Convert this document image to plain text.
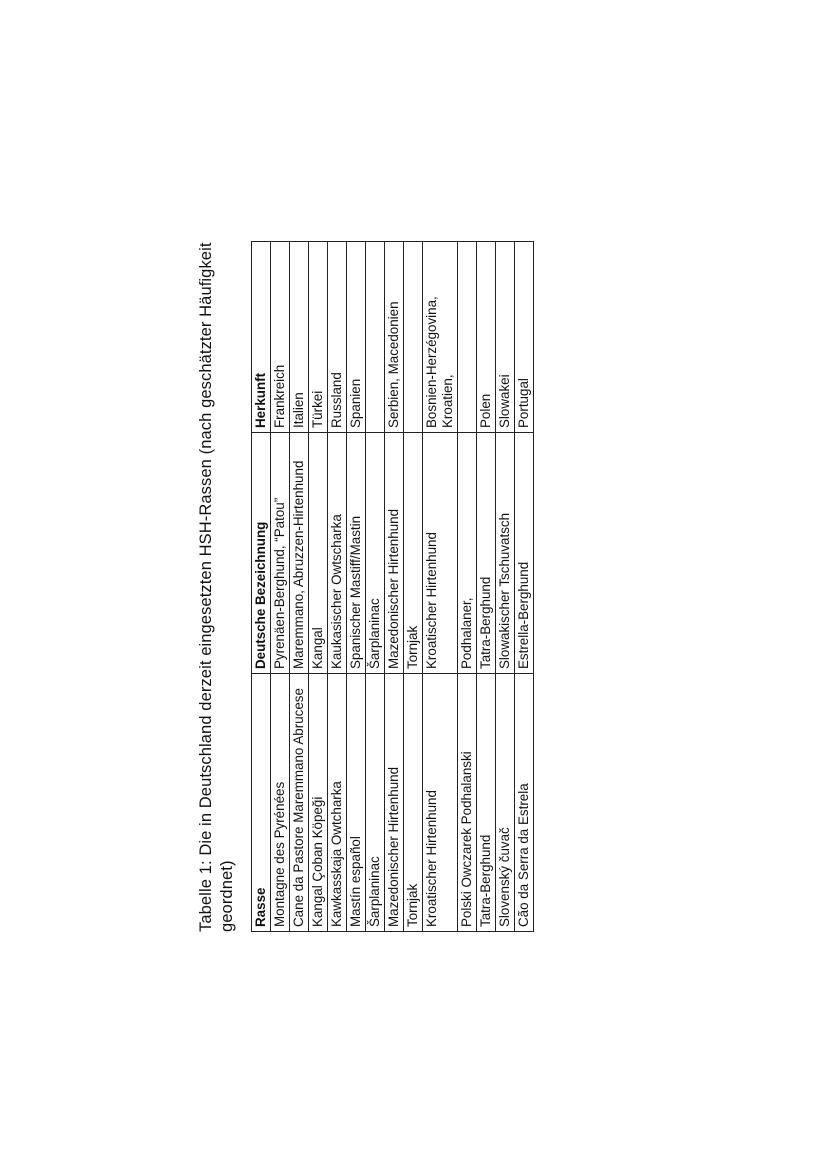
Tabelle 1: Die in Deutschland derzeit eingesetzten HSH-Rassen (nach geschätzter Häufigkeit geordnet) Rasse	Deutsche Bezeichnung	Herkunft
Montagne des Pyrénées	Pyrenäen-Berghund, “Patou”	Frankreich
Cane da Pastore Maremmano Abrucese	Maremmano, Abruzzen-Hirtenhund	Italien
Kangal Çoban Köpeği	Kangal	Türkei
Kawkasskaja Owtcharka	Kaukasischer Owtscharka	Russland
Mastín español	Spanischer Mastiff/Mastin	Spanien
Šarplaninac	Šarplaninac	
Mazedonischer Hirtenhund	Mazedonischer Hirtenhund	Serbien, Macedonien
Tornjak	Tornjak	
Kroatischer Hirtenhund	Kroatischer Hirtenhund	Bosnien-Herzégovina, Kroatien,
Polski Owczarek Podhalanski	Podhalaner,	
Tatra-Berghund	Tatra-Berghund	Polen
Slovenský čuvač	Slowakischer Tschuvatsch	Slowakei
Cão da Serra da Estrela	Estrella-Berghund	Portugal
